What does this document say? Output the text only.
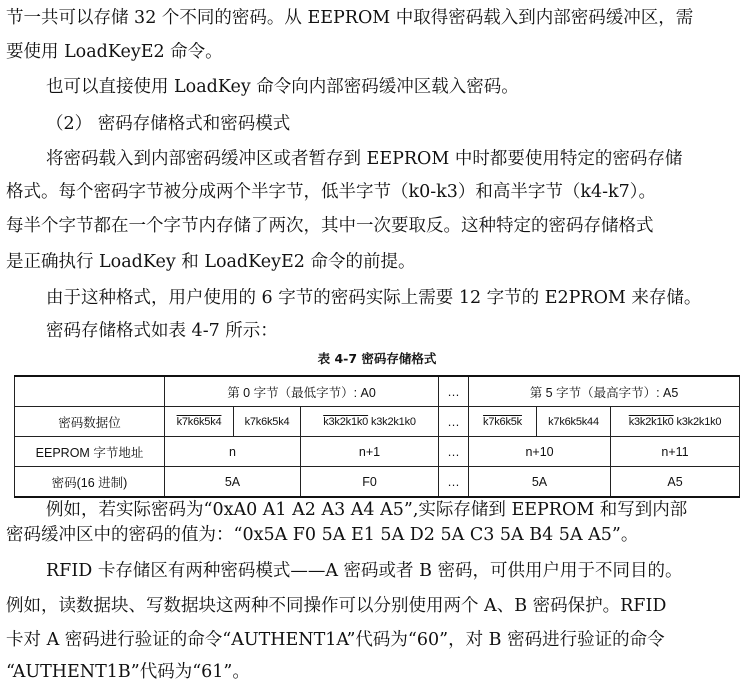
节一共可以存储 32 个不同的密码。从 EEPROM 中取得密码载入到内部密码缓冲区，需
要使用 LoadKeyE2 命令。
也可以直接使用 LoadKey 命令向内部密码缓冲区载入密码。
（2） 密码存储格式和密码模式
将密码载入到内部密码缓冲区或者暂存到 EEPROM 中时都要使用特定的密码存储
格式。每个密码字节被分成两个半字节，低半字节（k0-k3）和高半字节（k4-k7）。
每半个字节都在一个字节内存储了两次，其中一次要取反。这种特定的密码存储格式
是正确执行 LoadKey 和 LoadKeyE2 命令的前提。
由于这种格式，用户使用的 6 字节的密码实际上需要 12 字节的 E2PROM 来存储。
密码存储格式如表 4-7 所示：
表 4-7 密码存储格式
	第 0 字节（最低字节）: A0			…	第 5 字节（最高字节）: A5		
密码数据位	k7k6k5k4	k7k6k5k4	k3k2k1k0 k3k2k1k0	…	k7k6k5k	k7k6k5k44	k3k2k1k0 k3k2k1k0
EEPROM 字节地址	n		n+1	…	n+10		n+11
密码(16 进制)	5A		F0	…	5A		A5
例如，若实际密码为“0xA0 A1 A2 A3 A4 A5”,实际存储到 EEPROM 和写到内部
密码缓冲区中的密码的值为：“0x5A F0 5A E1 5A D2 5A C3 5A B4 5A A5”。
RFID 卡存储区有两种密码模式——A 密码或者 B 密码，可供用户用于不同目的。
例如，读数据块、写数据块这两种不同操作可以分别使用两个 A、B 密码保护。RFID
卡对 A 密码进行验证的命令“AUTHENT1A”代码为“60”，对 B 密码进行验证的命令
“AUTHENT1B”代码为“61”。
